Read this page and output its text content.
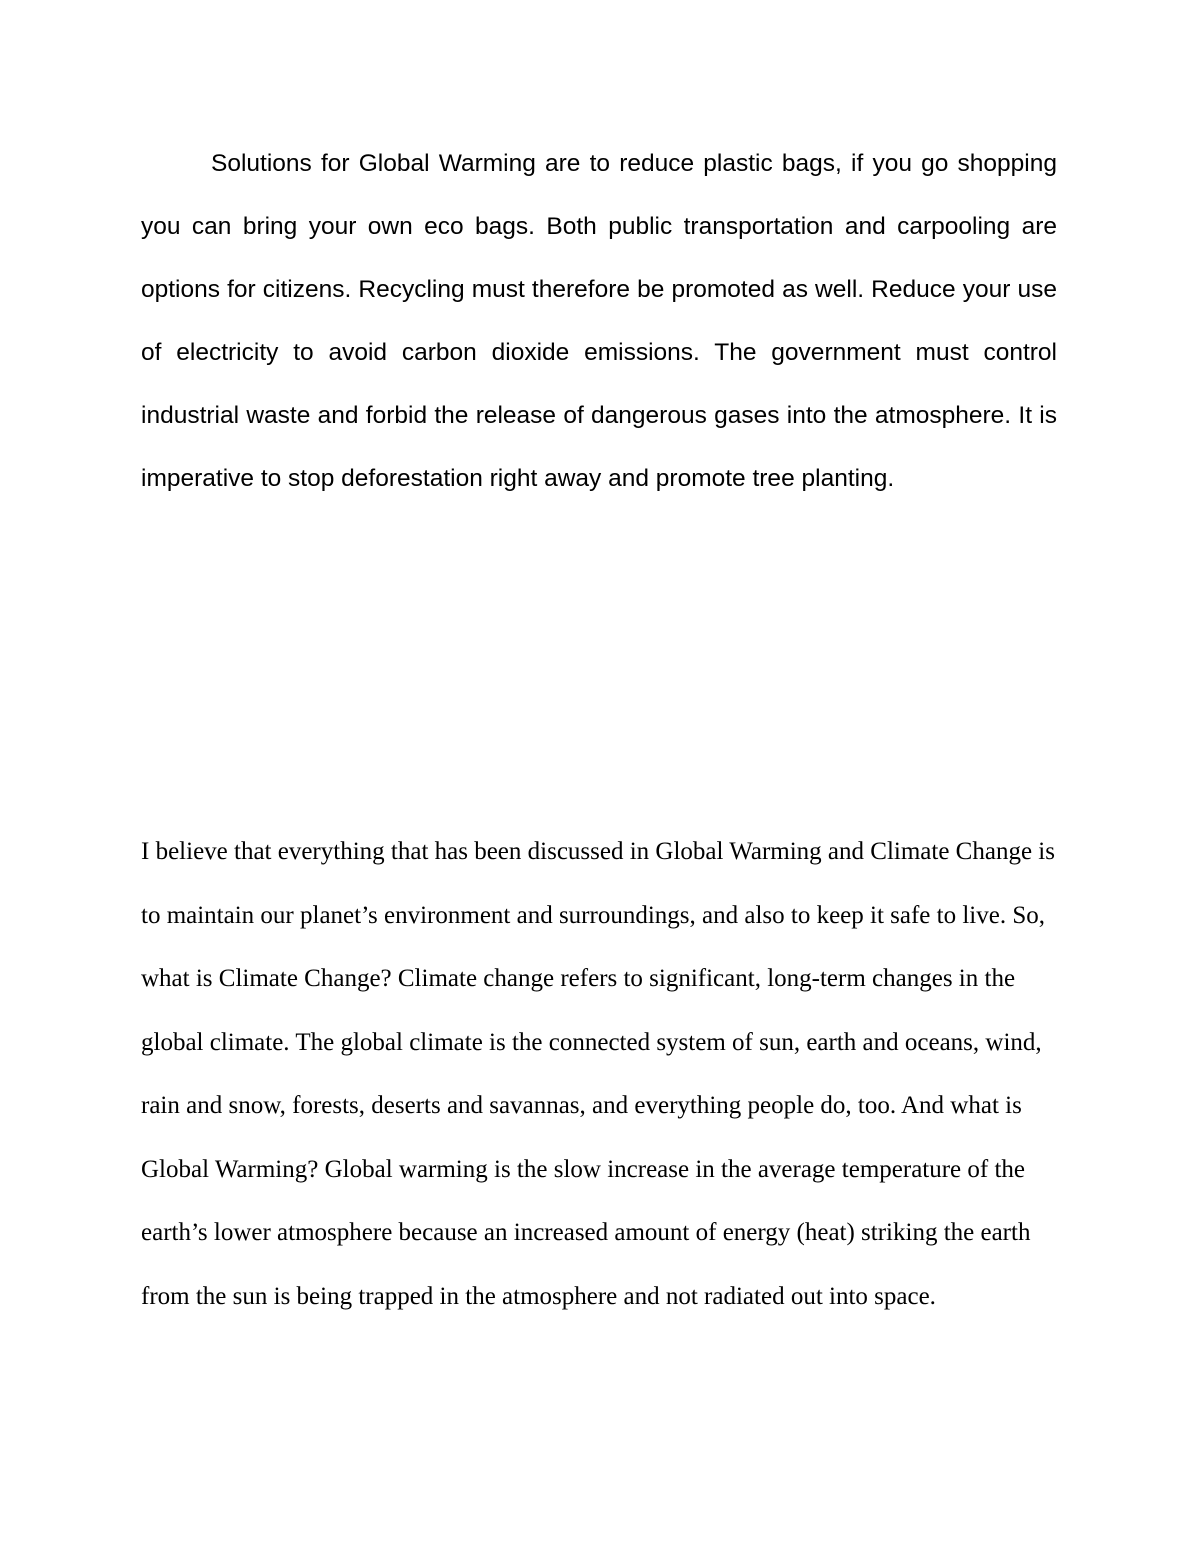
Solutions for Global Warming are to reduce plastic bags, if you go shopping you can bring your own eco bags. Both public transportation and carpooling are options for citizens. Recycling must therefore be promoted as well. Reduce your use of electricity to avoid carbon dioxide emissions. The government must control industrial waste and forbid the release of dangerous gases into the atmosphere. It is imperative to stop deforestation right away and promote tree planting.

I believe that everything that has been discussed in Global Warming and Climate Change is to maintain our planet’s environment and surroundings, and also to keep it safe to live. So, what is Climate Change? Climate change refers to significant, long-term changes in the global climate. The global climate is the connected system of sun, earth and oceans, wind, rain and snow, forests, deserts and savannas, and everything people do, too. And what is Global Warming? Global warming is the slow increase in the average temperature of the earth’s lower atmosphere because an increased amount of energy (heat) striking the earth from the sun is being trapped in the atmosphere and not radiated out into space.
